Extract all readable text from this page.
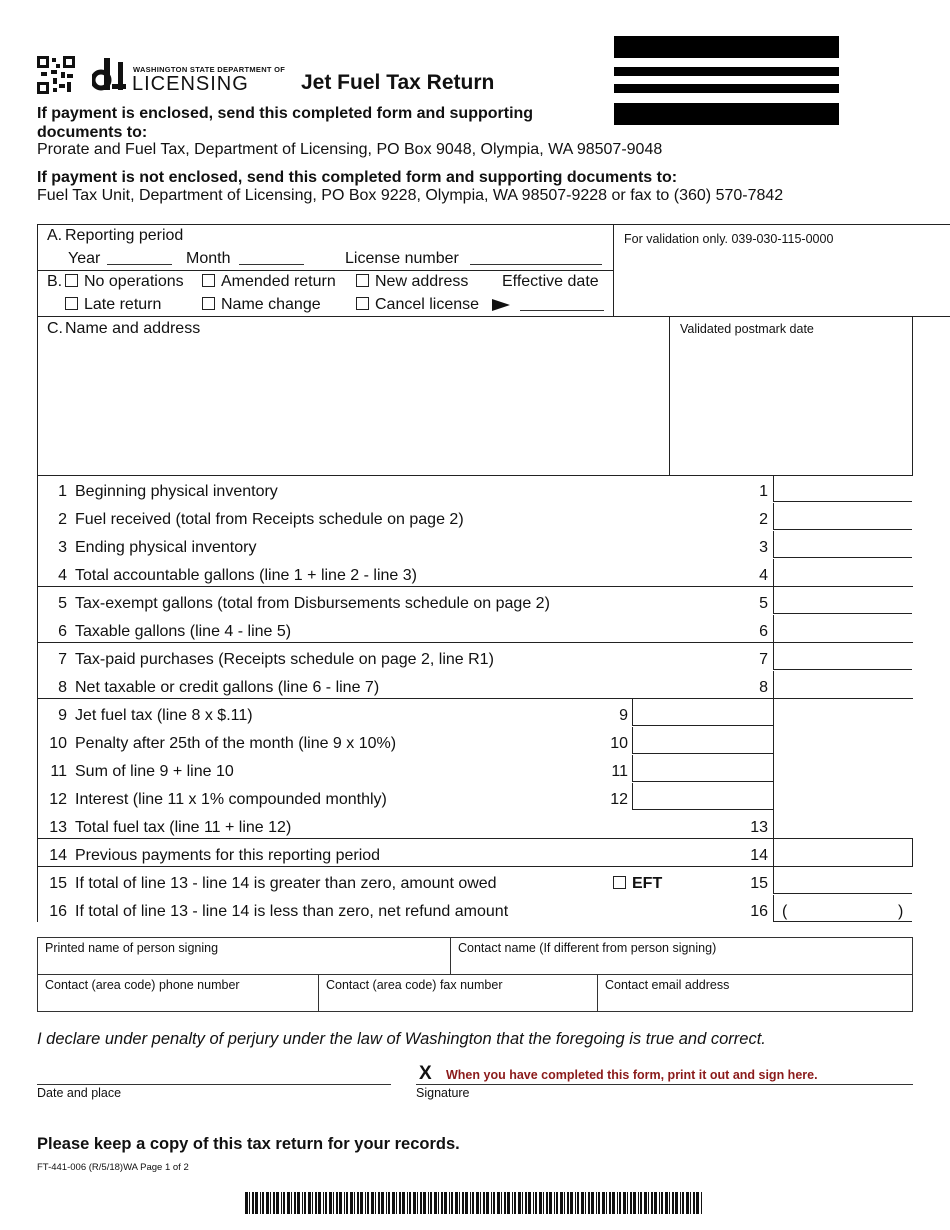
WASHINGTON STATE DEPARTMENT OF
LICENSING Jet Fuel Tax Return
If payment is enclosed, send this completed form and supporting documents to:
Prorate and Fuel Tax, Department of Licensing, PO Box 9048, Olympia, WA 98507-9048
If payment is not enclosed, send this completed form and supporting documents to:
Fuel Tax Unit, Department of Licensing, PO Box 9228, Olympia, WA 98507-9228 or fax to (360) 570-7842
A. Reporting period
Year	Month	License number
For validation only. 039-030-115-0000
B.	No operations	Amended return	New address Effective date
Late return	Name change	Cancel license
C. Name and address	Validated postmark date
1 Beginning physical inventory	1
2 Fuel received (total from Receipts schedule on page 2)	2
3 Ending physical inventory	3
4 Total accountable gallons (line 1 + line 2 - line 3)	4
5 Tax-exempt gallons (total from Disbursements schedule on page 2)	5
6 Taxable gallons (line 4 - line 5)	6
7 Tax-paid purchases (Receipts schedule on page 2, line R1)	7
8 Net taxable or credit gallons (line 6 - line 7)	8
9 Jet fuel tax (line 8 x $.11)	9
10 Penalty after 25th of the month (line 9 x 10%)	10
11 Sum of line 9 + line 10	11
12 Interest (line 11 x 1% compounded monthly)	12
13 Total fuel tax (line 11 + line 12)	13
14 Previous payments for this reporting period	14
15 If total of line 13 - line 14 is greater than zero, amount owed	15
16 If total of line 13 - line 14 is less than zero, net refund amount	16
EFT
(	)
Printed name of person signing	Contact name (If different from person signing)
Contact (area code) phone number	Contact (area code) fax number	Contact email address
I declare under penalty of perjury under the law of Washington that the foregoing is true and correct.
Date and place
X When you have completed this form, print it out and sign here.
Signature
Please keep a copy of this tax return for your records.
FT-441-006 (R/5/18)WA Page 1 of 2
